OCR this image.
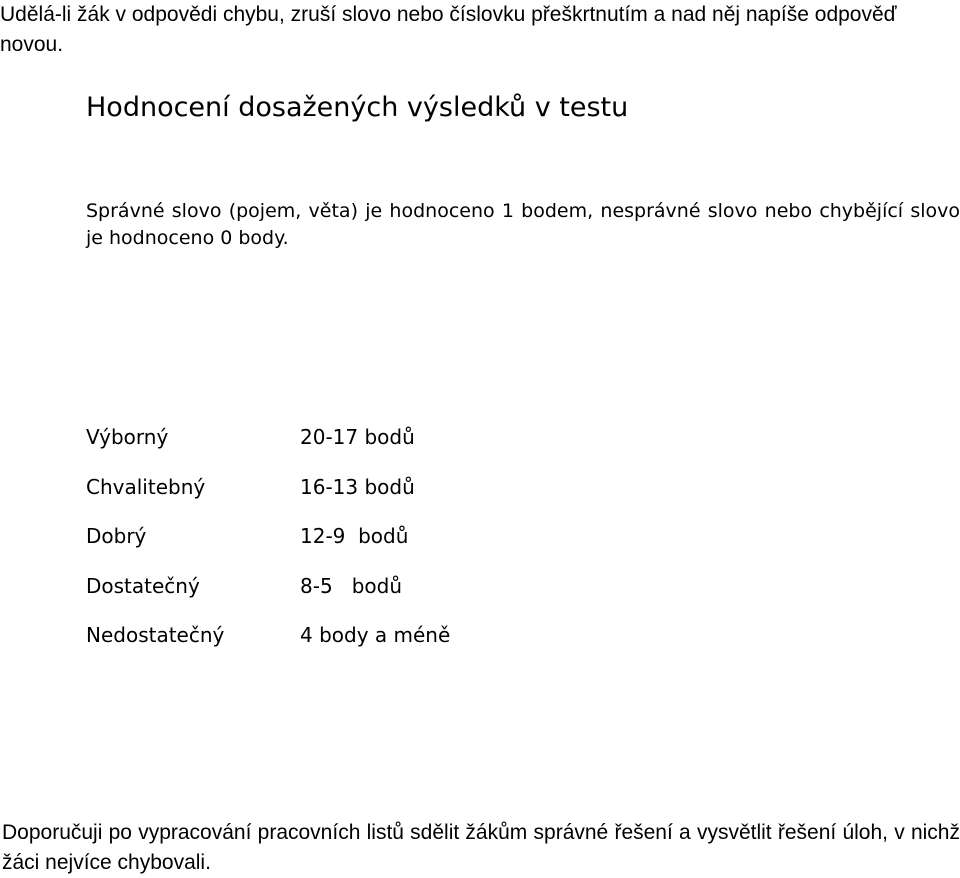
Udělá-li žák v odpovědi chybu, zruší slovo nebo číslovku přeškrtnutím a nad něj napíše odpověď novou.
Hodnocení dosažených výsledků v testu
Správné slovo (pojem, věta) je hodnoceno 1 bodem, nesprávné slovo nebo chybějící slovo je hodnoceno 0 body.
Výborný	20-17 bodů
Chvalitebný	16-13 bodů
Dobrý	12-9  bodů
Dostatečný	8-5   bodů
Nedostatečný	4 body a méně
Doporučuji po vypracování pracovních listů sdělit žákům správné řešení a vysvětlit řešení úloh, v nichž žáci nejvíce chybovali.
